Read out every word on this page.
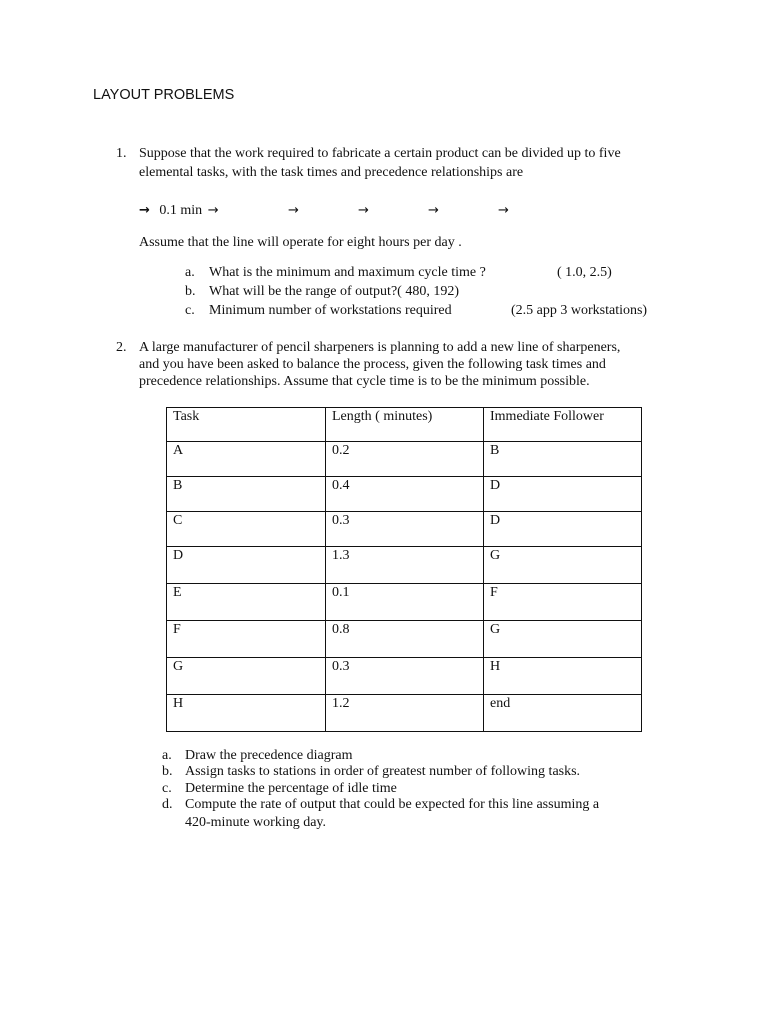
LAYOUT PROBLEMS
1. Suppose that the work required to fabricate a certain product can be divided up to five
elemental tasks, with the task times and precedence relationships are
→ 0.1 min →	→	→	→	→
Assume that the line will operate for eight hours per day .
a. What is the minimum and maximum cycle time ?	( 1.0, 2.5)
b. What will be the range of output?( 480, 192)
c. Minimum number of workstations required	(2.5 app 3 workstations)
2. A large manufacturer of pencil sharpeners is planning to add a new line of sharpeners,
and you have been asked to balance the process, given the following task times and
precedence relationships. Assume that cycle time is to be the minimum possible.
Task	Length ( minutes)	Immediate Follower
A	0.2	B
B	0.4	D
C	0.3	D
D	1.3	G
E	0.1	F
F	0.8	G
G	0.3	H
H	1.2	end
a. Draw the precedence diagram
b. Assign tasks to stations in order of greatest number of following tasks.
c. Determine the percentage of idle time
d. Compute the rate of output that could be expected for this line assuming a
420-minute working day.
